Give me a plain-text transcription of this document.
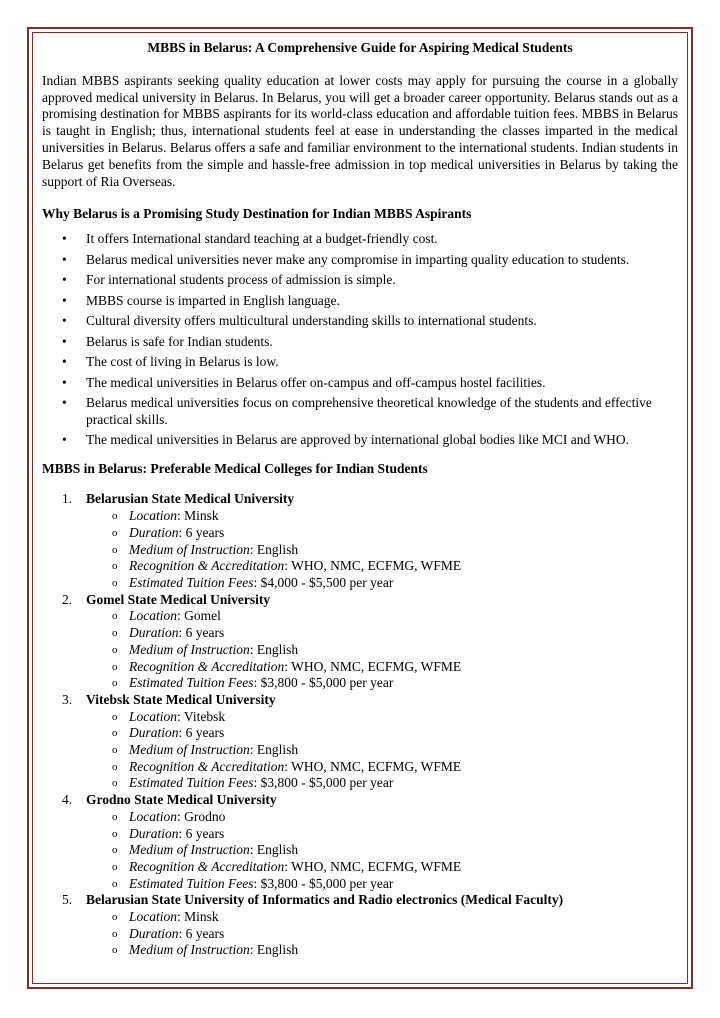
MBBS in Belarus: A Comprehensive Guide for Aspiring Medical Students
Indian MBBS aspirants seeking quality education at lower costs may apply for pursuing the course in a globally approved medical university in Belarus. In Belarus, you will get a broader career opportunity. Belarus stands out as a promising destination for MBBS aspirants for its world-class education and affordable tuition fees. MBBS in Belarus is taught in English; thus, international students feel at ease in understanding the classes imparted in the medical universities in Belarus. Belarus offers a safe and familiar environment to the international students. Indian students in Belarus get benefits from the simple and hassle-free admission in top medical universities in Belarus by taking the support of Ria Overseas.
Why Belarus is a Promising Study Destination for Indian MBBS Aspirants
• It offers International standard teaching at a budget-friendly cost.
• Belarus medical universities never make any compromise in imparting quality education to students.
• For international students process of admission is simple.
• MBBS course is imparted in English language.
• Cultural diversity offers multicultural understanding skills to international students.
• Belarus is safe for Indian students.
• The cost of living in Belarus is low.
• The medical universities in Belarus offer on-campus and off-campus hostel facilities.
• Belarus medical universities focus on comprehensive theoretical knowledge of the students and effective practical skills.
• The medical universities in Belarus are approved by international global bodies like MCI and WHO.
MBBS in Belarus: Preferable Medical Colleges for Indian Students
1. Belarusian State Medical University
o Location: Minsk
o Duration: 6 years
o Medium of Instruction: English
o Recognition & Accreditation: WHO, NMC, ECFMG, WFME
o Estimated Tuition Fees: $4,000 - $5,500 per year
2. Gomel State Medical University
o Location: Gomel
o Duration: 6 years
o Medium of Instruction: English
o Recognition & Accreditation: WHO, NMC, ECFMG, WFME
o Estimated Tuition Fees: $3,800 - $5,000 per year
3. Vitebsk State Medical University
o Location: Vitebsk
o Duration: 6 years
o Medium of Instruction: English
o Recognition & Accreditation: WHO, NMC, ECFMG, WFME
o Estimated Tuition Fees: $3,800 - $5,000 per year
4. Grodno State Medical University
o Location: Grodno
o Duration: 6 years
o Medium of Instruction: English
o Recognition & Accreditation: WHO, NMC, ECFMG, WFME
o Estimated Tuition Fees: $3,800 - $5,000 per year
5. Belarusian State University of Informatics and Radio electronics (Medical Faculty)
o Location: Minsk
o Duration: 6 years
o Medium of Instruction: English
